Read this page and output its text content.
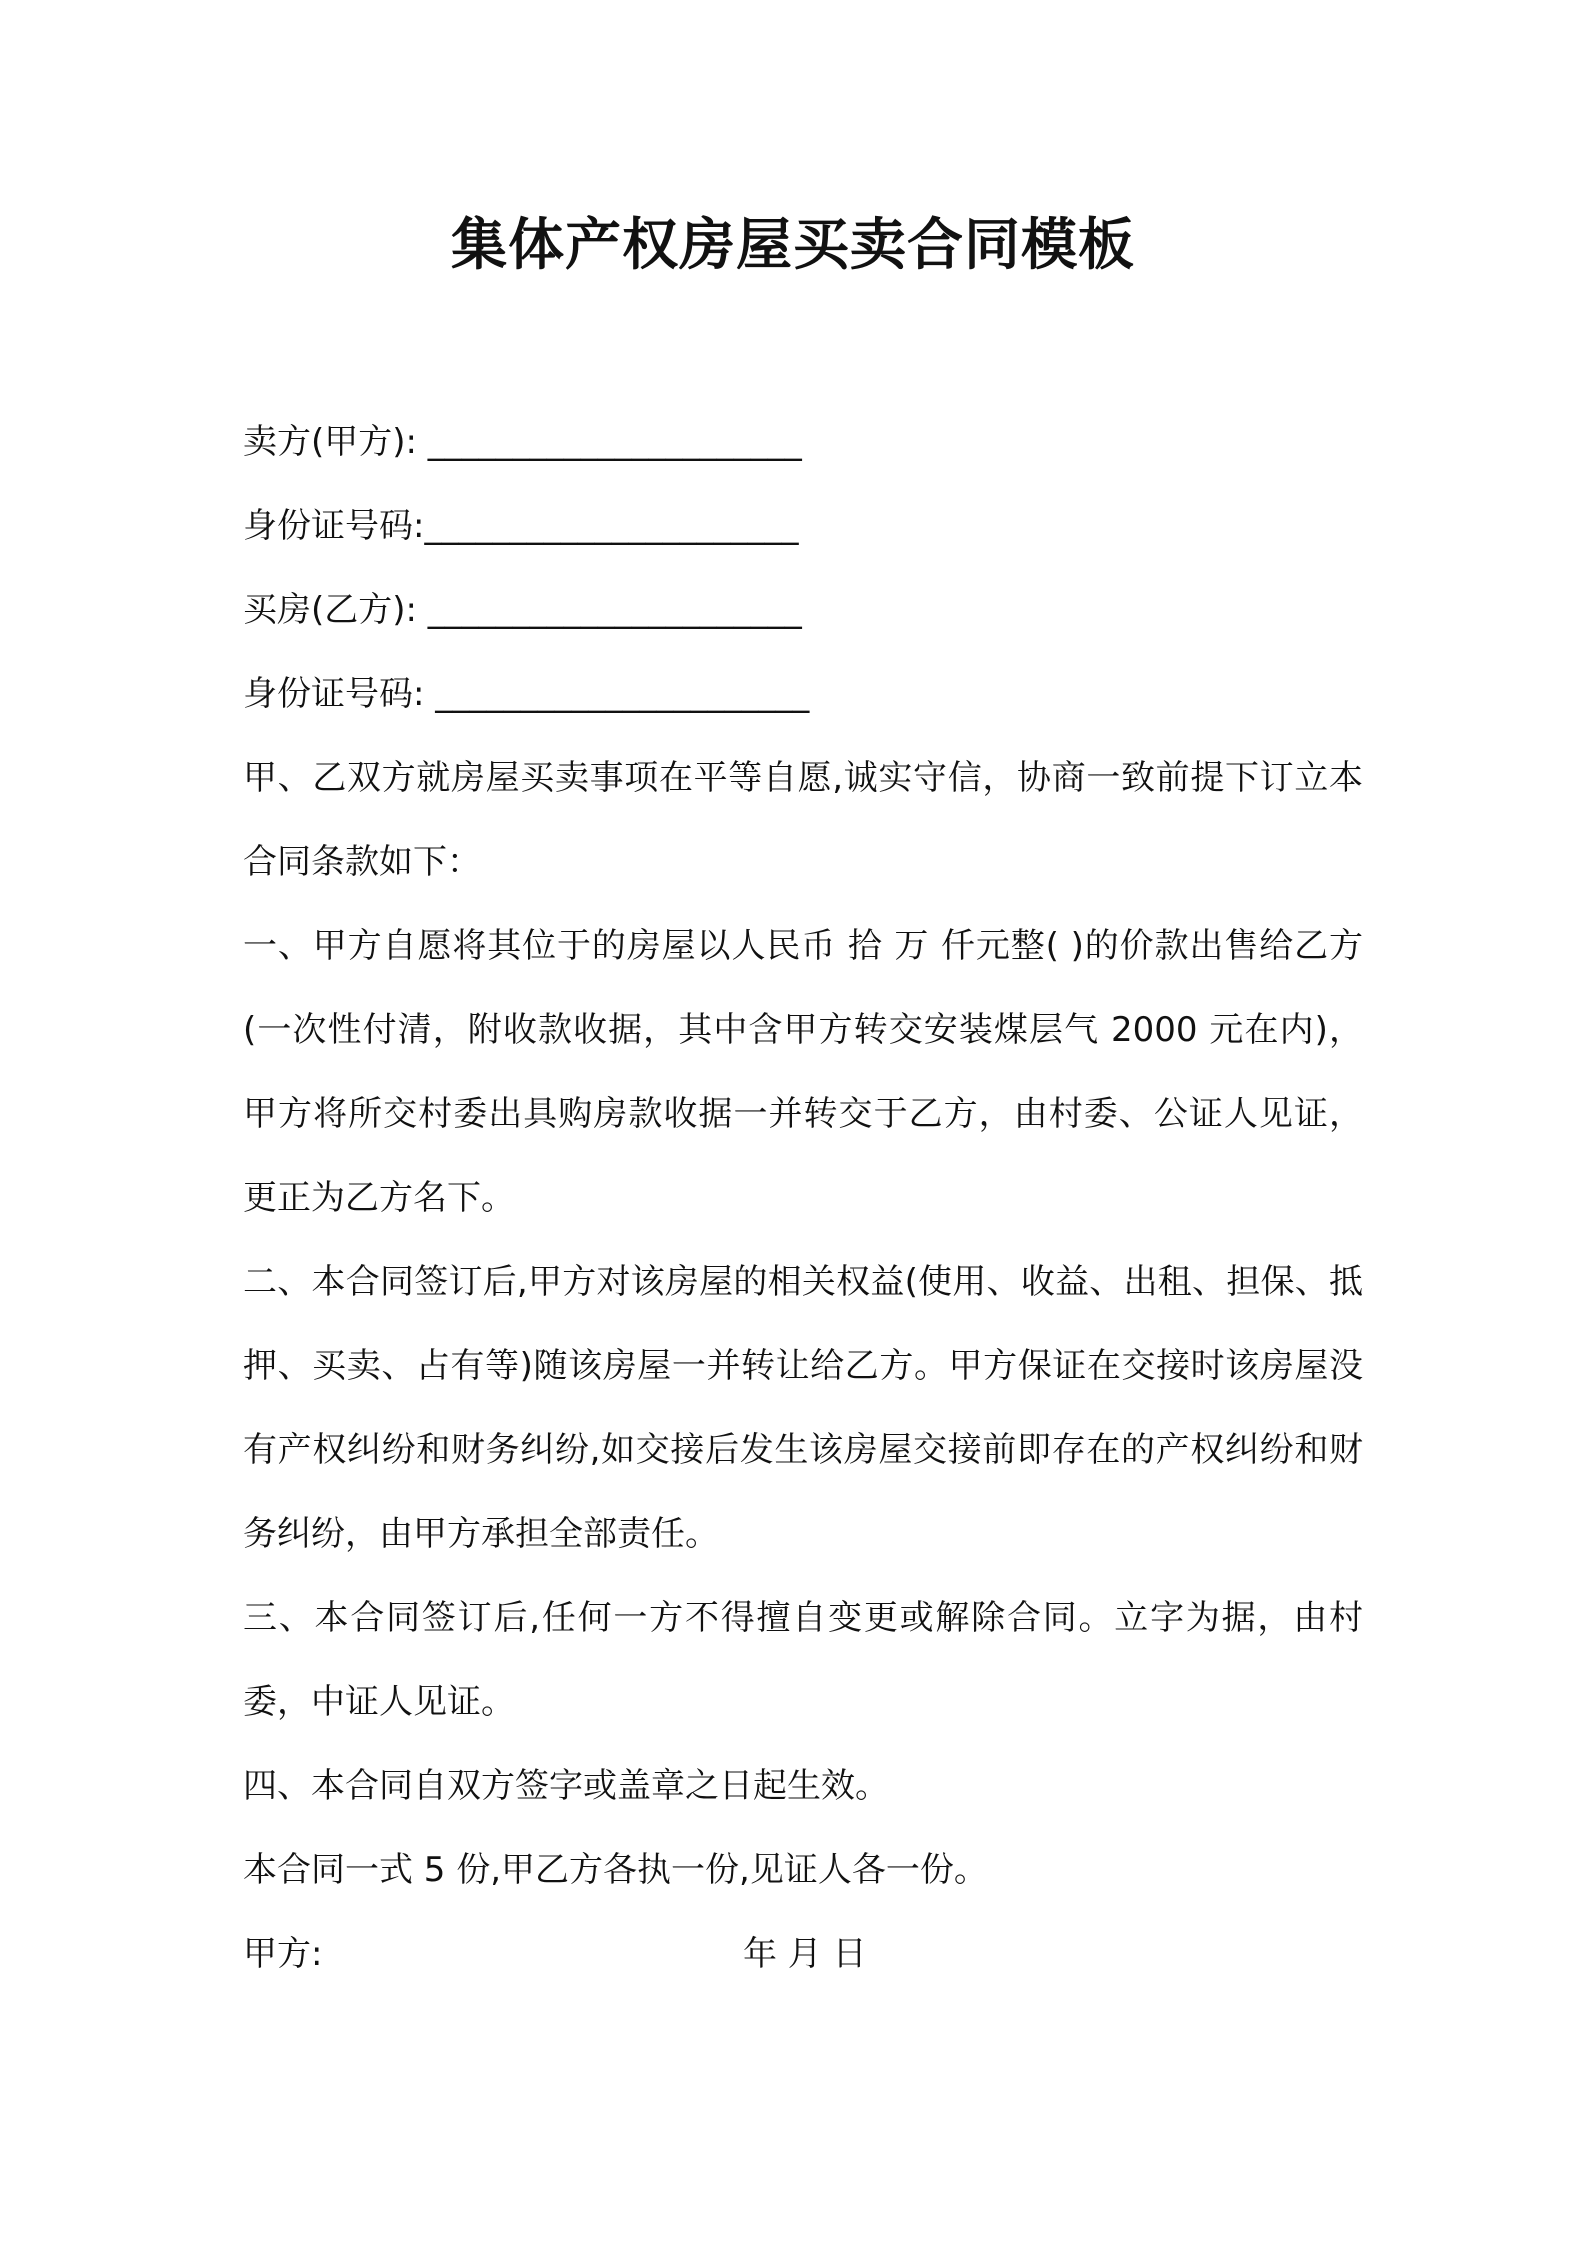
集体产权房屋买卖合同模板
卖方(甲方): ______________________
身份证号码:______________________
买房(乙方): ______________________
身份证号码: ______________________
甲、乙双方就房屋买卖事项在平等自愿,诚实守信，协商一致前提下订立本合同条款如下：
一、甲方自愿将其位于的房屋以人民币 拾 万 仟元整( )的价款出售给乙方(一次性付清，附收款收据，其中含甲方转交安装煤层气 2000 元在内)，甲方将所交村委出具购房款收据一并转交于乙方，由村委、公证人见证，更正为乙方名下。
二、本合同签订后,甲方对该房屋的相关权益(使用、收益、出租、担保、抵押、买卖、占有等)随该房屋一并转让给乙方。甲方保证在交接时该房屋没有产权纠纷和财务纠纷,如交接后发生该房屋交接前即存在的产权纠纷和财务纠纷，由甲方承担全部责任。
三、本合同签订后,任何一方不得擅自变更或解除合同。立字为据，由村委，中证人见证。
四、本合同自双方签字或盖章之日起生效。
本合同一式 5 份,甲乙方各执一份,见证人各一份。
甲方:	年 月 日
